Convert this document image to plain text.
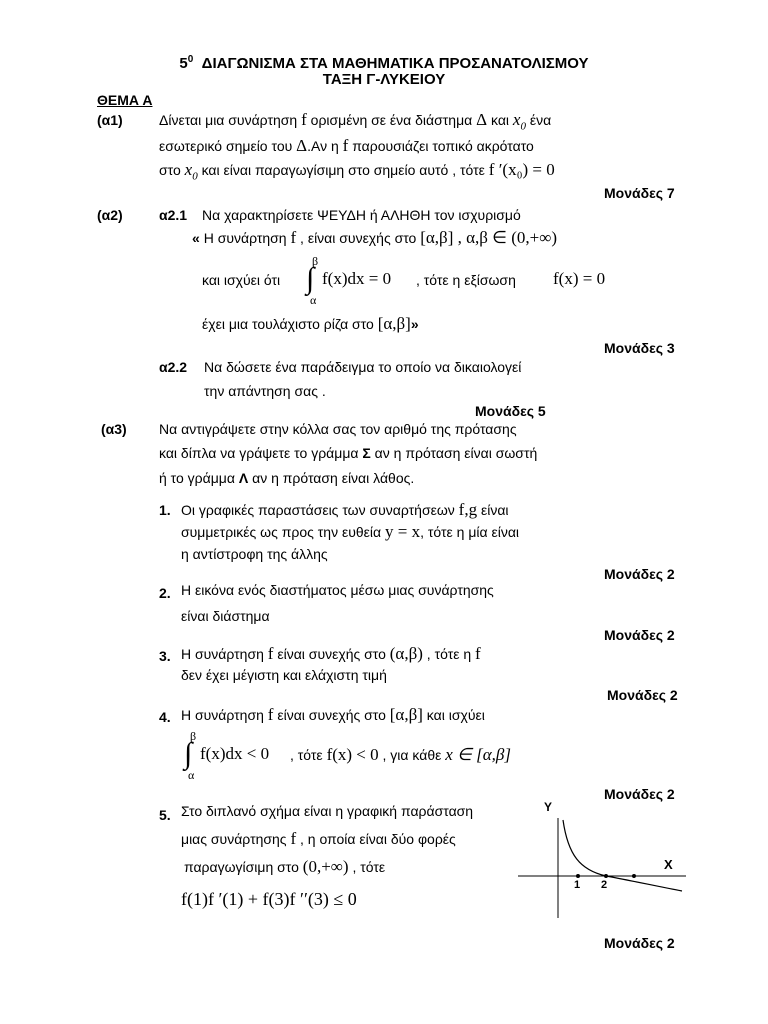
$5^0$ ΔΙΑΓΩΝΙΣΜΑ ΣΤΑ ΜΑΘΗΜΑΤΙΚΑ ΠΡΟΣΑΝΑΤΟΛΙΣΜΟΥ
ΤΑΞΗ Γ-ΛΥΚΕΙΟΥ
ΘΕΜΑ Α
(α1)	Δίνεται μια συνάρτηση f ορισμένη σε ένα διάστημα Δ και $x_0$ ένα
εσωτερικό σημείο του Δ.Αν η f παρουσιάζει τοπικό ακρότατο
στο $x_0$ και είναι παραγωγίσιμη στο σημείο αυτό , τότε f ′(x₀) = 0
Μονάδες 7
(α2)	α2.1 Να χαρακτηρίσετε ΨΕΥΔΗ ή ΑΛΗΘΗ τον ισχυρισμό
« Η συνάρτηση f , είναι συνεχής στο [α,β] , α,β ∈ (0,+∞)
β
∫
α
και ισχύει ότι f(x)dx = 0 , τότε η εξίσωση f(x) = 0
έχει μια τουλάχιστο ρίζα στο [α,β]»
Μονάδες 3
α2.2 Να δώσετε ένα παράδειγμα το οποίο να δικαιολογεί
την απάντηση σας .
Μονάδες 5
(α3) Να αντιγράψετε στην κόλλα σας τον αριθμό της πρότασης
και δίπλα να γράψετε το γράμμα Σ αν η πρόταση είναι σωστή
ή το γράμμα Λ αν η πρόταση είναι λάθος.
1. Οι γραφικές παραστάσεις των συναρτήσεων f,g είναι
συμμετρικές ως προς την ευθεία y = x, τότε η μία είναι
η αντίστροφη της άλλης
Μονάδες 2
2. Η εικόνα ενός διαστήματος μέσω μιας συνάρτησης
είναι διάστημα
Μονάδες 2
3. Η συνάρτηση f είναι συνεχής στο (α,β) , τότε η f
δεν έχει μέγιστη και ελάχιστη τιμή
Μονάδες 2
4. Η συνάρτηση f είναι συνεχής στο [α,β] και ισχύει
β
∫
α
f(x)dx < 0 , τότε f(x) < 0 , για κάθε x ∈ [α,β]
Μονάδες 2
5. Στο διπλανό σχήμα είναι η γραφική παράσταση
μιας συνάρτησης f , η οποία είναι δύο φορές
παραγωγίσιμη στο (0,+∞) , τότε
f(1)f ′(1) + f(3)f ′′(3) ≤ 0
Y
X
1 2
Μονάδες 2
